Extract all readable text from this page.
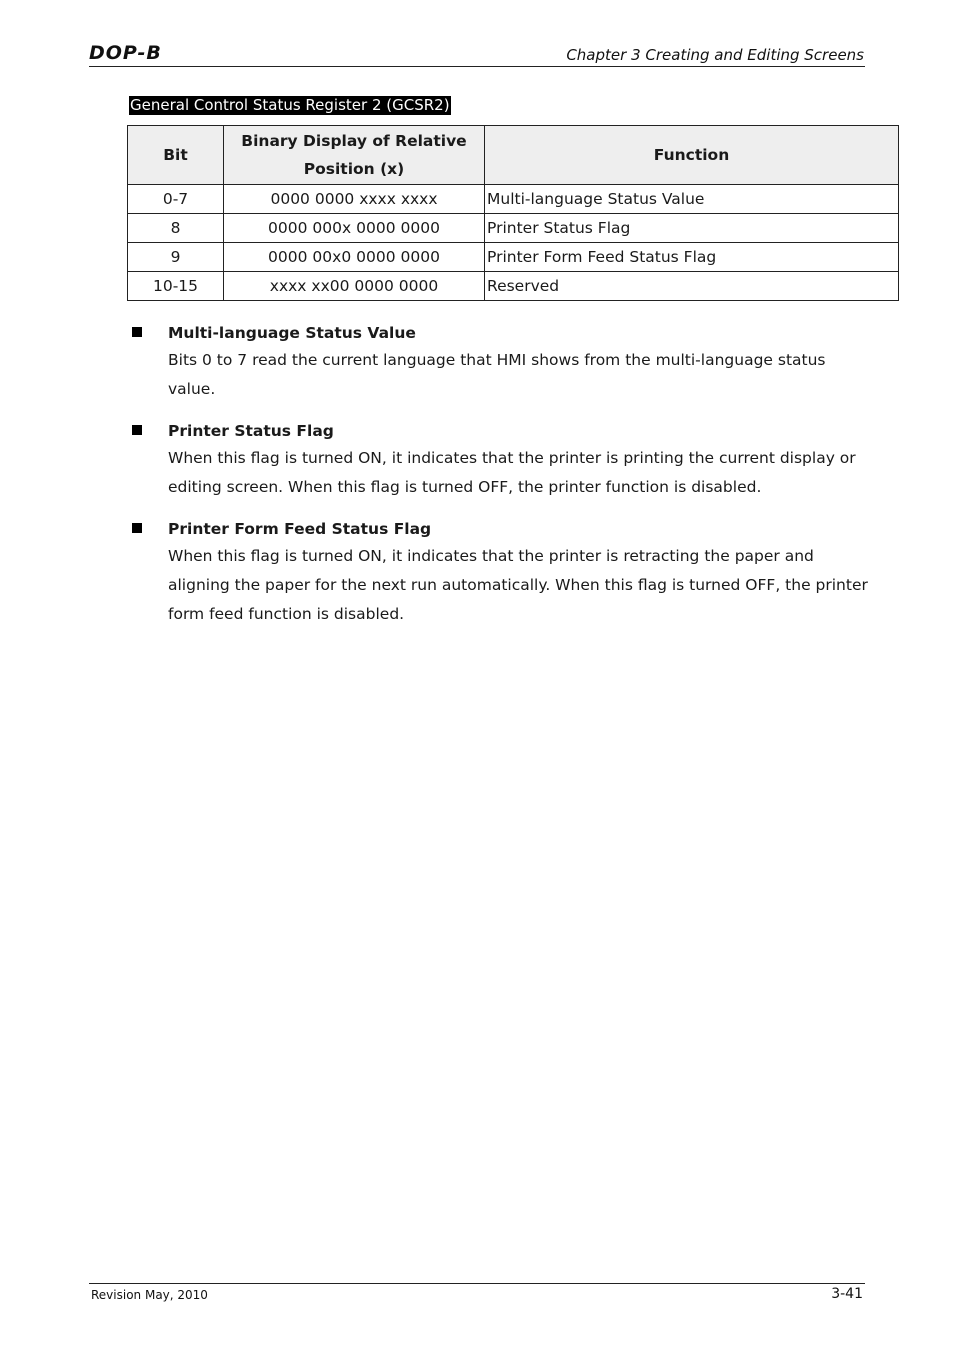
DOP-B	Chapter 3 Creating and Editing Screens
General Control Status Register 2 (GCSR2)
Bit	Binary Display of Relative Position (x)	Function
0-7	0000 0000 xxxx xxxx	Multi-language Status Value
8	0000 000x 0000 0000	Printer Status Flag
9	0000 00x0 0000 0000	Printer Form Feed Status Flag
10-15	xxxx xx00 0000 0000	Reserved
Multi-language Status Value
Bits 0 to 7 read the current language that HMI shows from the multi-language status value.
Printer Status Flag
When this flag is turned ON, it indicates that the printer is printing the current display or editing screen. When this flag is turned OFF, the printer function is disabled.
Printer Form Feed Status Flag
When this flag is turned ON, it indicates that the printer is retracting the paper and aligning the paper for the next run automatically. When this flag is turned OFF, the printer form feed function is disabled.
Revision May, 2010	3-41
